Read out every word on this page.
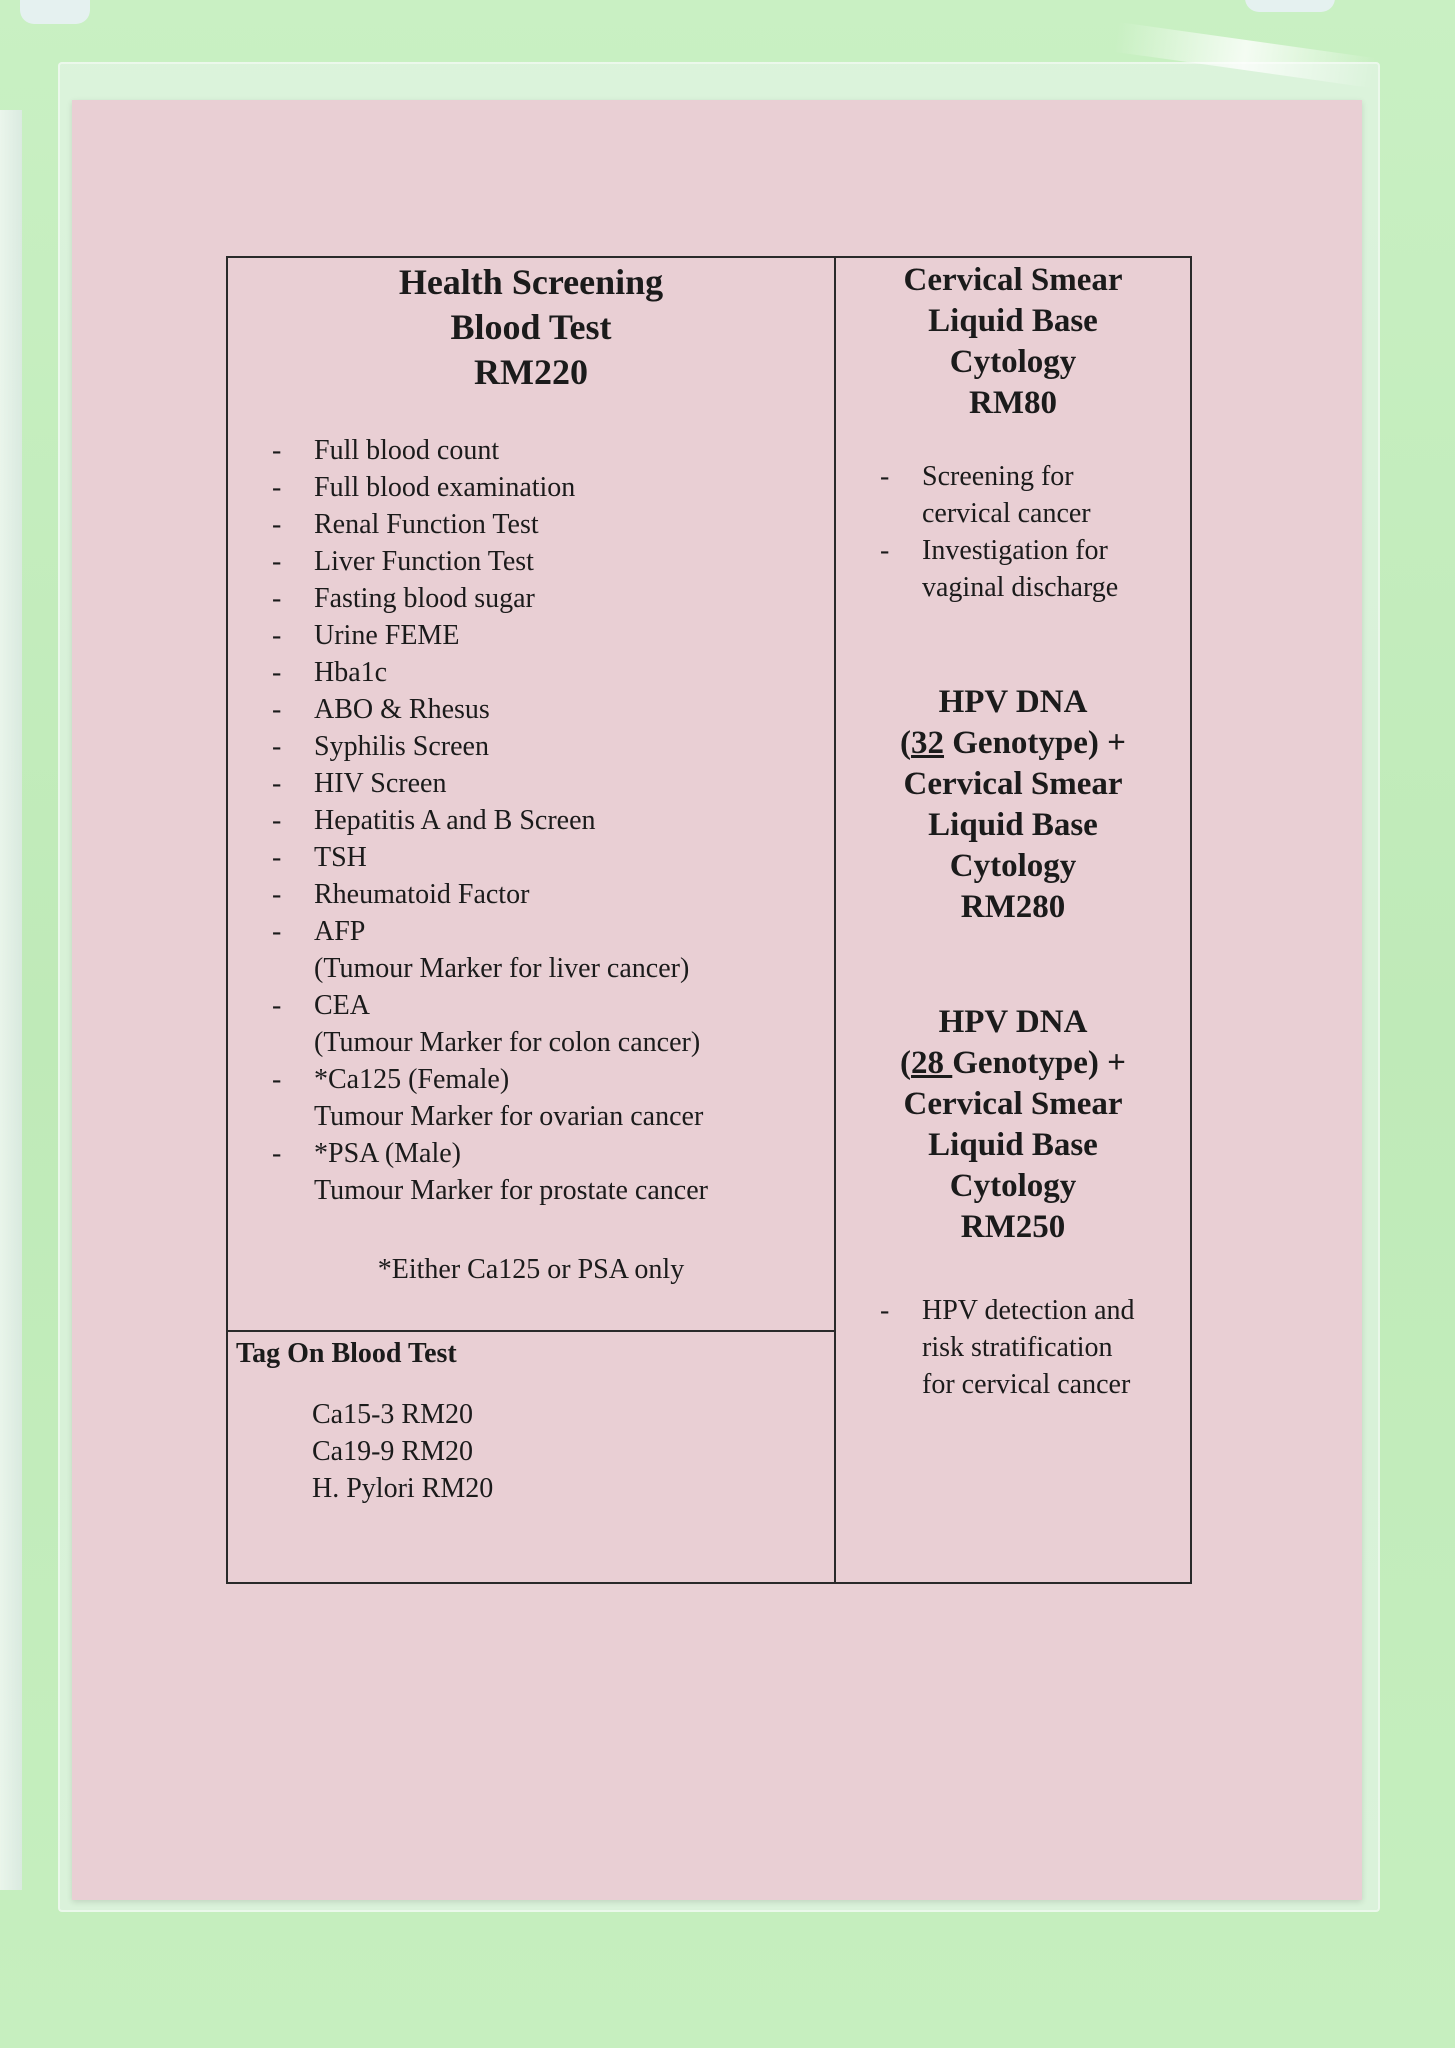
Health Screening

Blood Test

RM220

- Full blood count
- Full blood examination
- Renal Function Test
- Liver Function Test
- Fasting blood sugar
- Urine FEME
- Hba1c
- ABO & Rhesus
- Syphilis Screen
- HIV Screen
- Hepatitis A and B Screen
- TSH
- Rheumatoid Factor
- AFP
(Tumour Marker for liver cancer)
- CEA
(Tumour Marker for colon cancer)
- *Ca125 (Female)
Tumour Marker for ovarian cancer
- *PSA (Male)
Tumour Marker for prostate cancer
*Either Ca125 or PSA only
Tag On Blood Test
Ca15-3 RM20
Ca19-9 RM20
H. Pylori RM20
Cervical Smear
Liquid Base
Cytology
RM80
- Screening for
cervical cancer
- Investigation for
vaginal discharge
HPV DNA
(32 Genotype) +
Cervical Smear
Liquid Base
Cytology
RM280
HPV DNA
(28 Genotype) +
Cervical Smear
Liquid Base
Cytology
RM250
- HPV detection and
risk stratification
for cervical cancer
